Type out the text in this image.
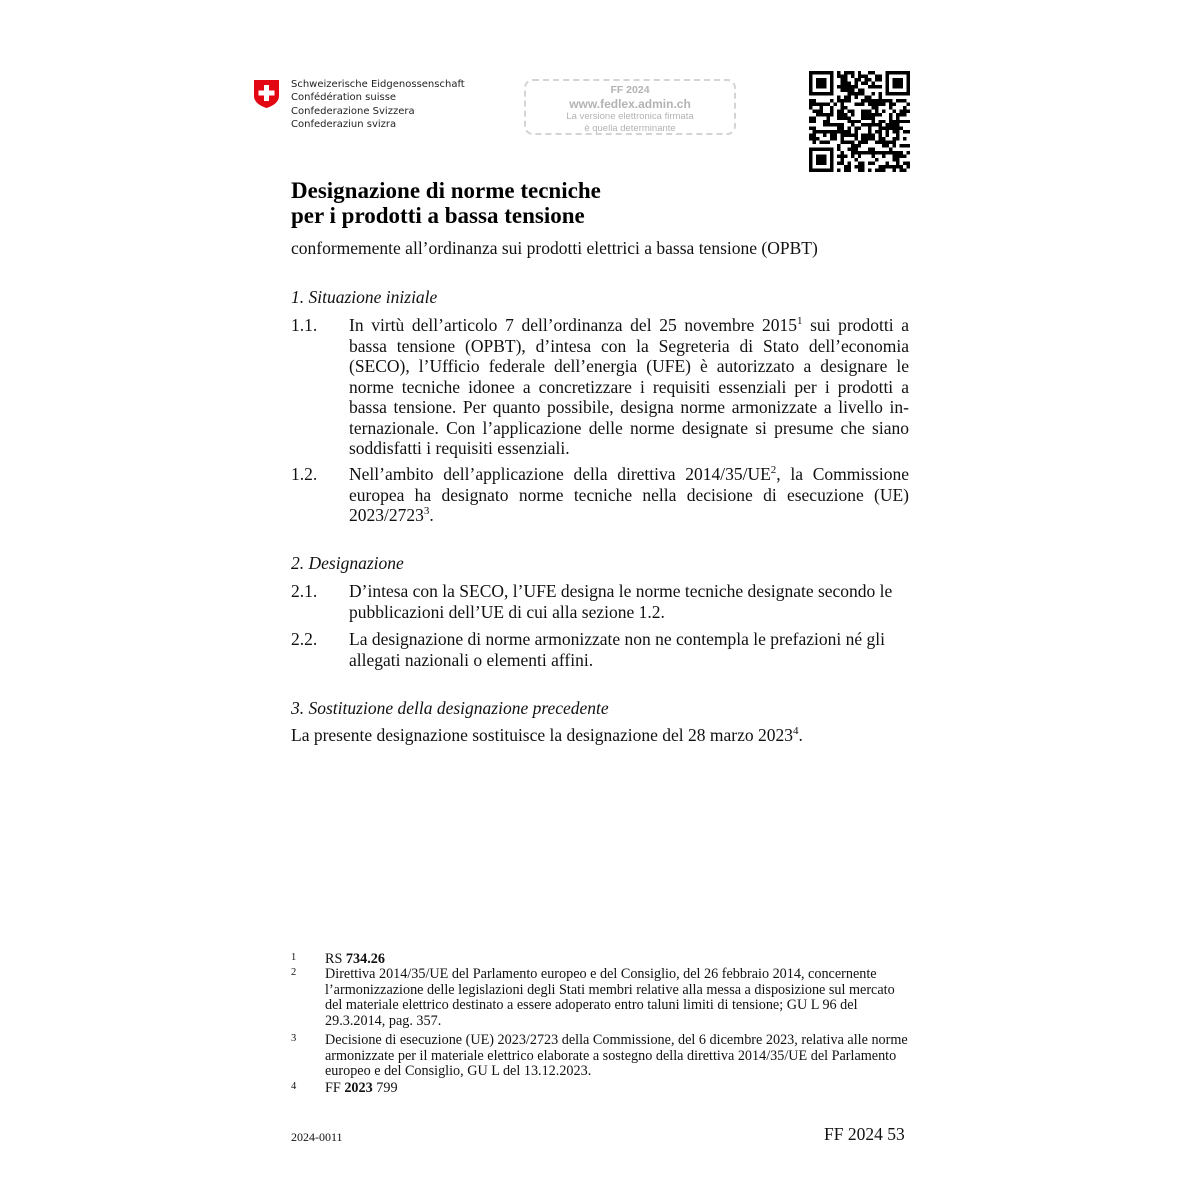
Schweizerische Eidgenossenschaft
Confédération suisse
Confederazione Svizzera
Confederaziun svizra
FF 2024
www.fedlex.admin.ch
La versione elettronica firmata
è quella determinante
Designazione di norme tecniche
per i prodotti a bassa tensione
conformemente all’ordinanza sui prodotti elettrici a bassa tensione (OPBT)
1. Situazione iniziale
1.1. In virtù dell’articolo 7 dell’ordinanza del 25 novembre 2015$^1$ sui prodotti a bassa tensione (OPBT), d’intesa con la Segreteria di Stato dell’economia (SECO), l’Ufficio federale dell’energia (UFE) è autorizzato a designare le norme tecniche idonee a concretizzare i requisiti essenziali per i prodotti a bassa tensione. Per quanto possibile, designa norme armonizzate a livello internazionale. Con l’applicazione delle norme designate si presume che siano soddisfatti i requisiti essenziali.
1.2. Nell’ambito dell’applicazione della direttiva $2014/35/UE^2$, la Commissione europea ha designato norme tecniche nella decisione di esecuzione (UE) 2023/2723$^3$.
2. Designazione
2.1. D’intesa con la SECO, l’UFE designa le norme tecniche designate secondo le pubblicazioni dell’UE di cui alla sezione 1.2.
2.2. La designazione di norme armonizzate non ne contempla le prefazioni né gli allegati nazionali o elementi affini.
3. Sostituzione della designazione precedente
La presente designazione sostituisce la designazione del 28 marzo 2023$^4$.
1 RS 734.26
2 Direttiva 2014/35/UE del Parlamento europeo e del Consiglio, del 26 febbraio 2014, concernente l’armonizzazione delle legislazioni degli Stati membri relative alla messa a disposizione sul mercato del materiale elettrico destinato a essere adoperato entro taluni limiti di tensione; GU L 96 del 29.3.2014, pag. 357.
3 Decisione di esecuzione (UE) 2023/2723 della Commissione, del 6 dicembre 2023, relativa alle norme armonizzate per il materiale elettrico elaborate a sostegno della direttiva 2014/35/UE del Parlamento europeo e del Consiglio, GU L del 13.12.2023.
4 FF 2023 799
2024-0011	FF 2024 53
